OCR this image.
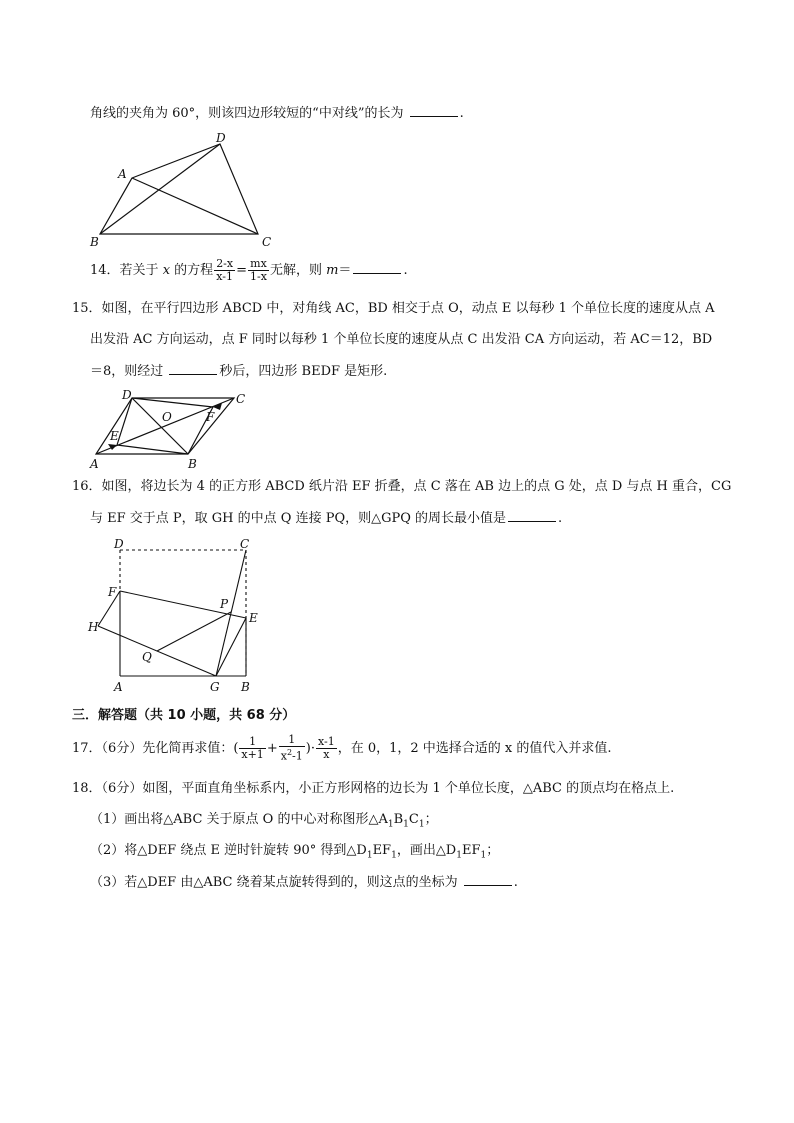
角线的夹角为 60°，则该四边形较短的“中对线”的长为	.
A
B	C
D
14．若关于 x 的方程 $\frac{2-x}{x-1} = \frac{mx}{1-x}$ 无解，则 m＝	.
15．如图，在平行四边形 ABCD 中，对角线 AC，BD 相交于点 O，动点 E 以每秒 1 个单位长度的速度从点 A
出发沿 AC 方向运动，点 F 同时以每秒 1 个单位长度的速度从点 C 出发沿 CA 方向运动，若 AC＝12，BD
＝8，则经过	秒后，四边形 BEDF 是矩形.
D	C
O	F
E
A	B
16．如图，将边长为 4 的正方形 ABCD 纸片沿 EF 折叠，点 C 落在 AB 边上的点 G 处，点 D 与点 H 重合，CG
与 EF 交于点 P，取 GH 的中点 Q 连接 PQ，则△GPQ 的周长最小值是	.
D	C
F
P
E
H
Q
A	G B
三．解答题（共 10 小题，共 68 分）
17．（6分）先化简再求值：( $\frac{1}{x+1} + \frac{1}{x^2-1}$ )· $\frac{x-1}{x}$ ，在 0，1，2 中选择合适的 x 的值代入并求值.
18．（6分）如图，平面直角坐标系内，小正方形网格的边长为 1 个单位长度，△ABC 的顶点均在格点上.
（1）画出将△ABC 关于原点 O 的中心对称图形$\triangle A_1B_1C_1$；
（2）将△DEF 绕点 E 逆时针旋转 90° 得到$\triangle D_1EF_1$，画出$\triangle D_1EF_1$；
（3）若△DEF 由△ABC 绕着某点旋转得到的，则这点的坐标为	.
